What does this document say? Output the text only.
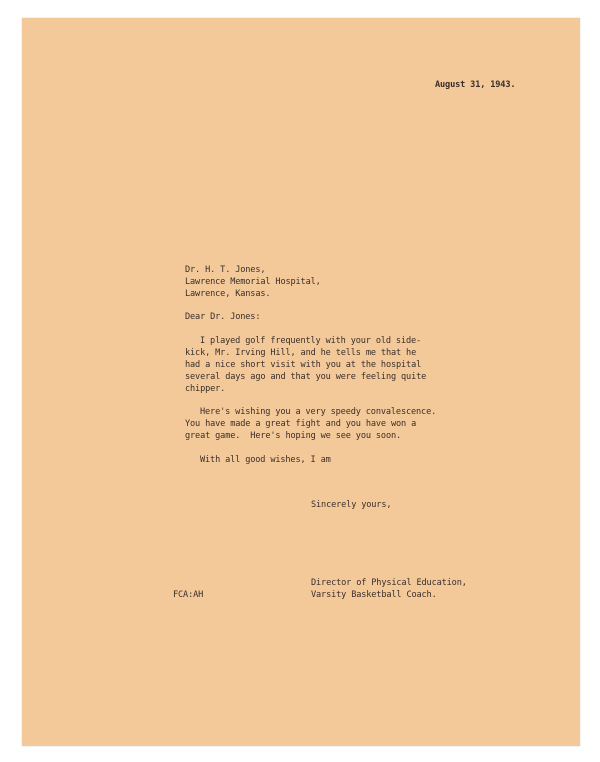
August 31, 1943.
Dr. H. T. Jones,
Lawrence Memorial Hospital,
Lawrence, Kansas.
Dear Dr. Jones:
I played golf frequently with your old side-
kick, Mr. Irving Hill, and he tells me that he
had a nice short visit with you at the hospital
several days ago and that you were feeling quite
chipper.
Here's wishing you a very speedy convalescence.
You have made a great fight and you have won a
great game.  Here's hoping we see you soon.
With all good wishes, I am
Sincerely yours,
Director of Physical Education,
Varsity Basketball Coach.
FCA:AH
